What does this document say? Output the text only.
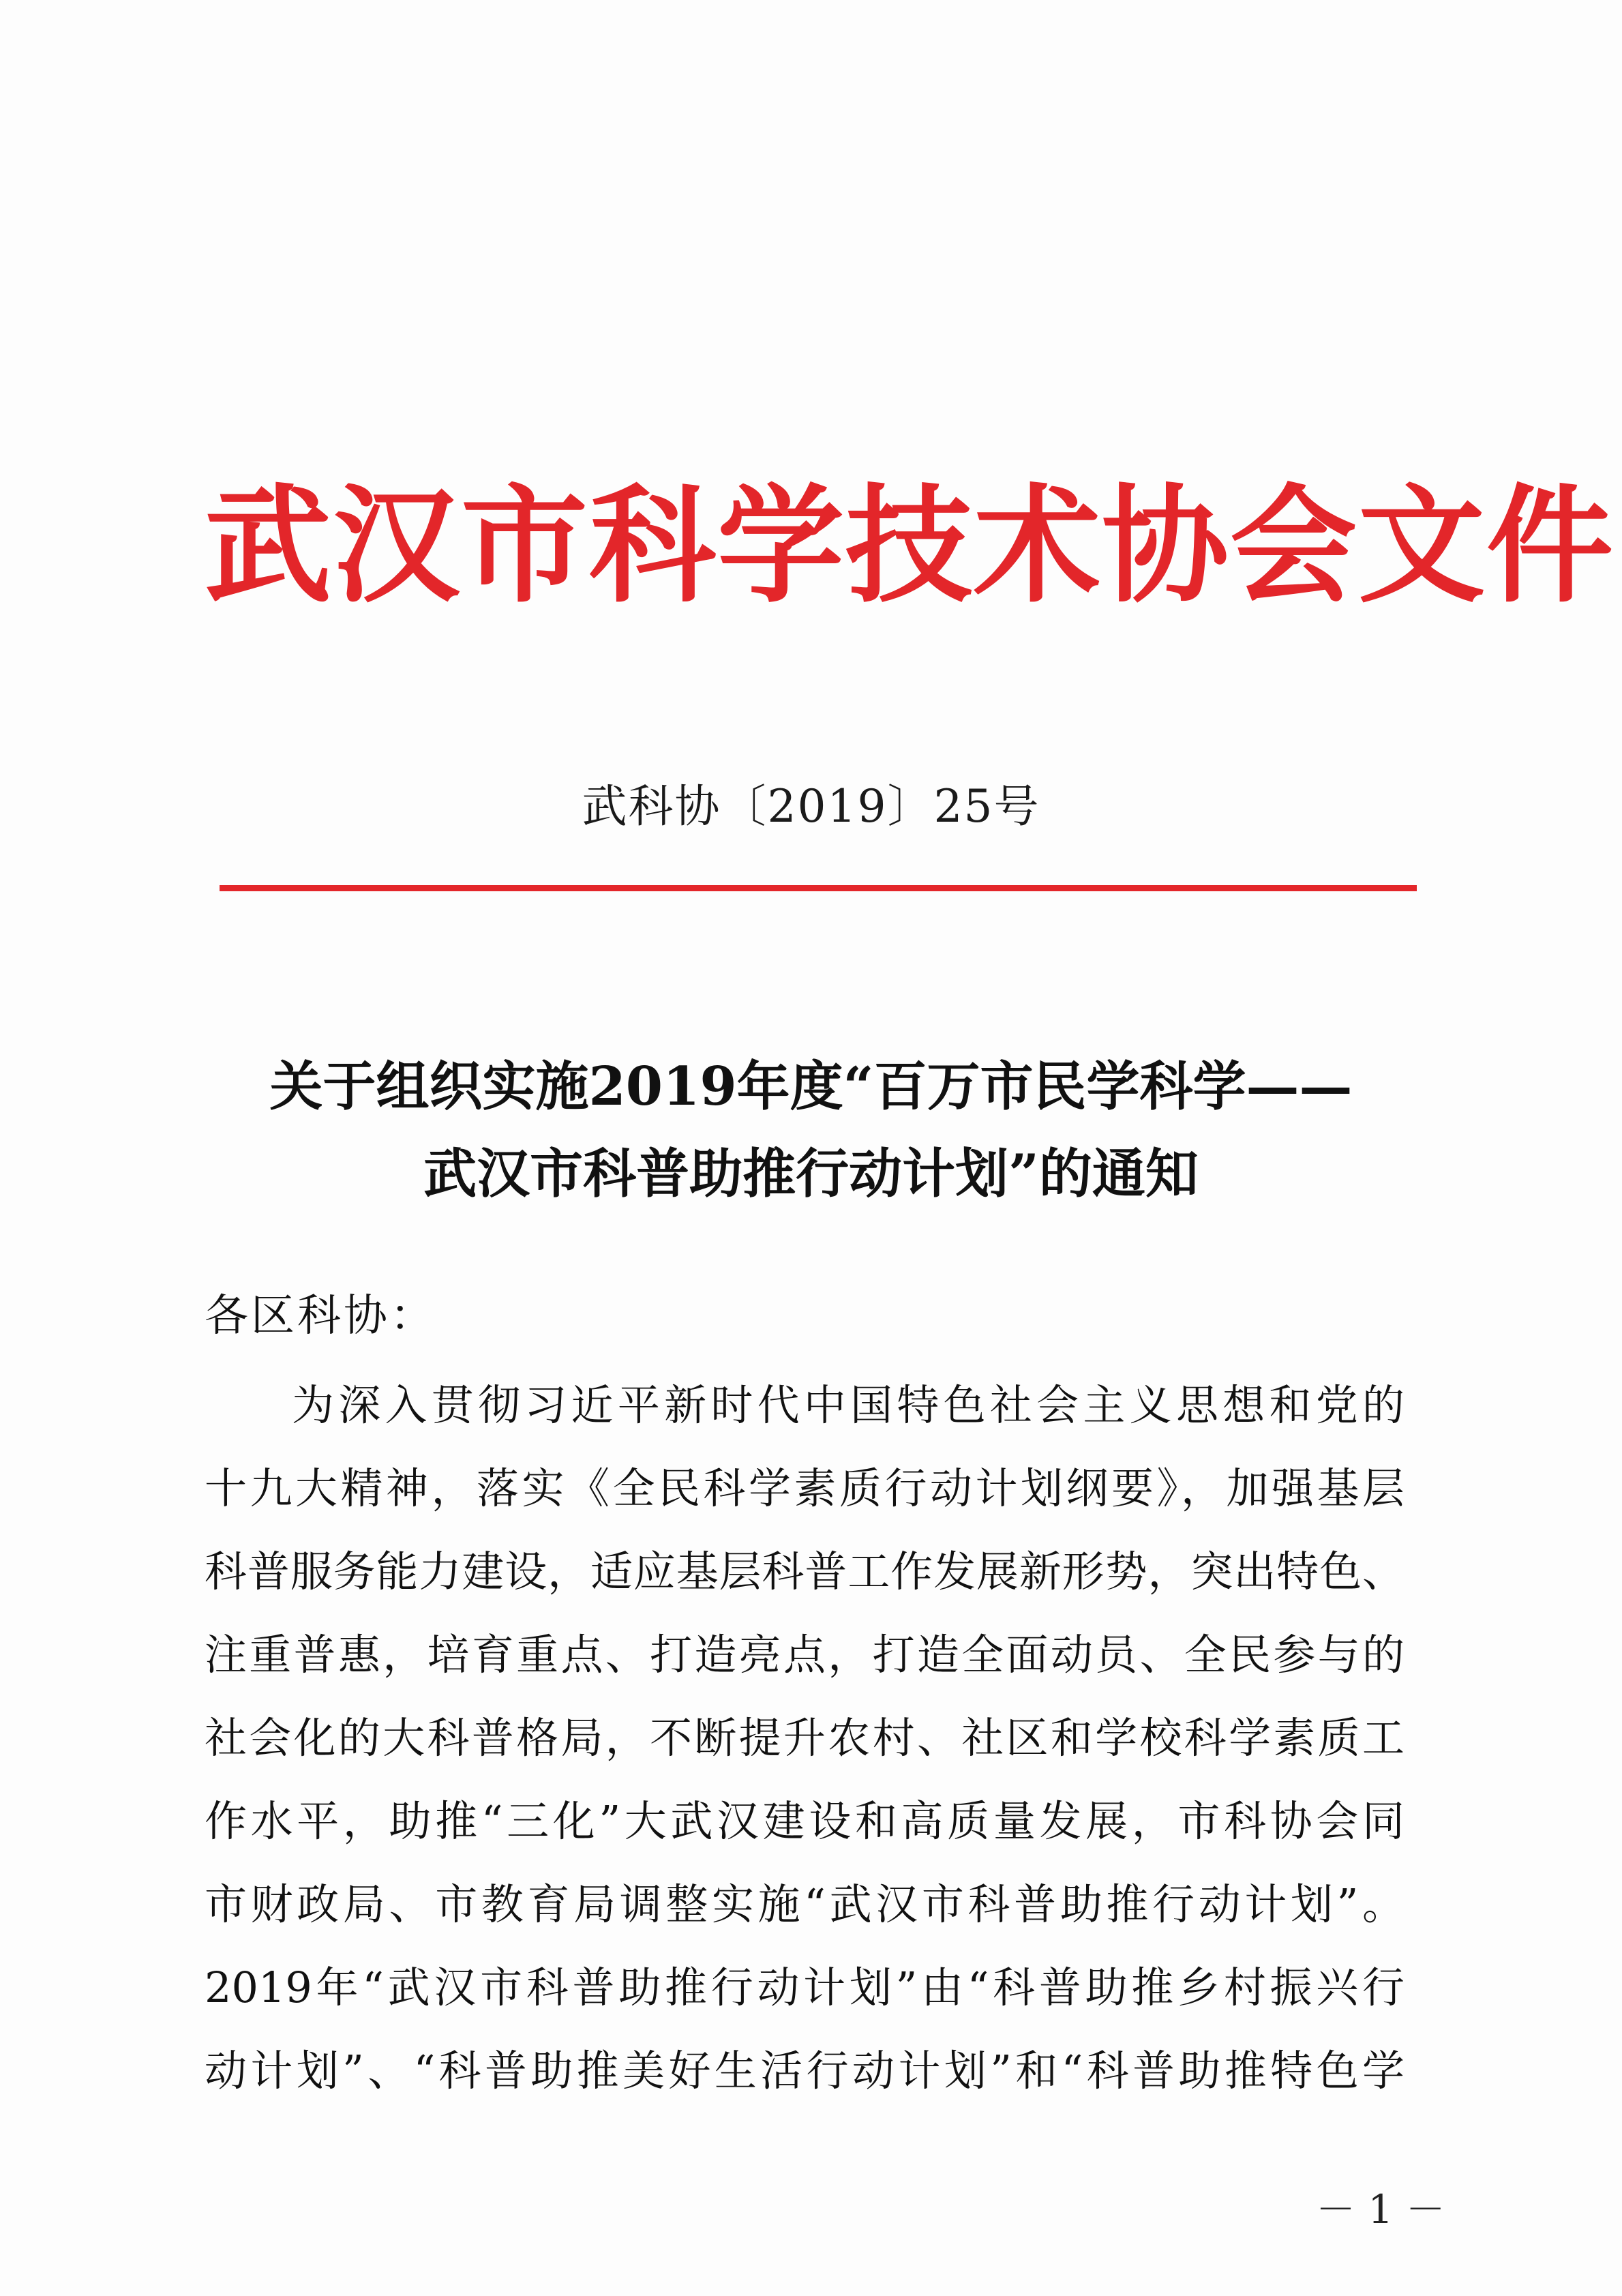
武汉市科学技术协会文件
武科协〔2019〕25号
关于组织实施2019年度“百万市民学科学——
武汉市科普助推行动计划”的通知
各区科协：
为深入贯彻习近平新时代中国特色社会主义思想和党的
十九大精神，落实《全民科学素质行动计划纲要》，加强基层
科普服务能力建设，适应基层科普工作发展新形势，突出特色、
注重普惠，培育重点、打造亮点，打造全面动员、全民参与的
社会化的大科普格局，不断提升农村、社区和学校科学素质工
作水平，助推“三化”大武汉建设和高质量发展，市科协会同
市财政局、市教育局调整实施“武汉市科普助推行动计划”。
2019年“武汉市科普助推行动计划”由“科普助推乡村振兴行
动计划”、“科普助推美好生活行动计划”和“科普助推特色学
－ 1 －
